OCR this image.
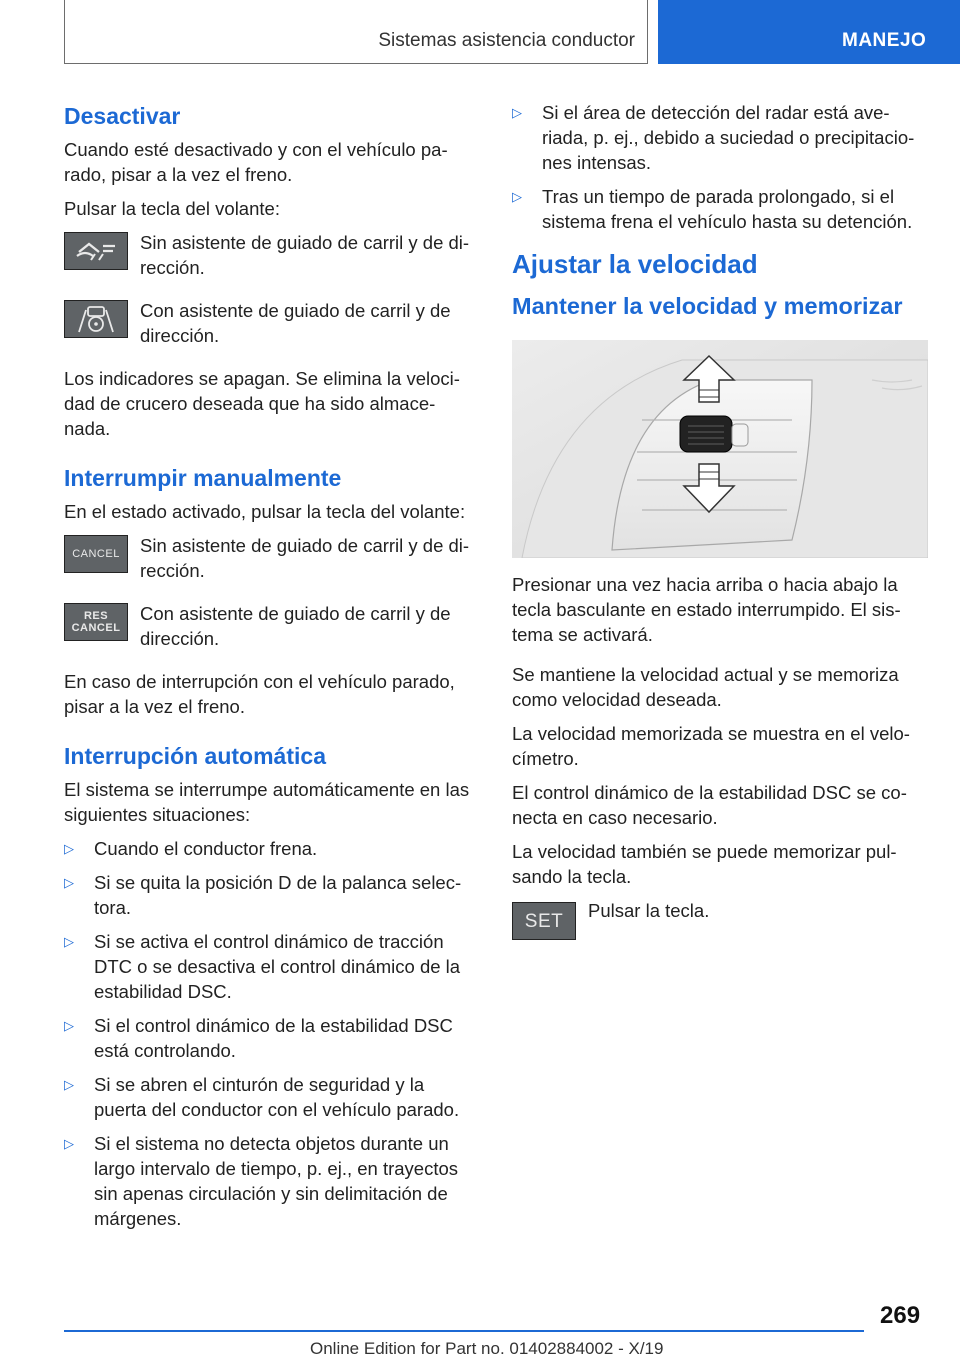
Sistemas asistencia conductor	MANEJO
Desactivar

Cuando esté desactivado y con el vehículo pa-rado, pisar a la vez el freno.

Pulsar la tecla del volante:

Sin asistente de guiado de carril y de di-rección.
Con asistente de guiado de carril y de dirección.

Los indicadores se apagan. Se elimina la veloci-dad de crucero deseada que ha sido almace-nada.

Interrumpir manualmente

En el estado activado, pulsar la tecla del volante:

CANCEL Sin asistente de guiado de carril y de di-rección.
RES
CANCEL
Con asistente de guiado de carril y de dirección.

En caso de interrupción con el vehículo parado, pisar a la vez el freno.

Interrupción automática

El sistema se interrumpe automáticamente en las siguientes situaciones:

▷ Cuando el conductor frena.
▷ Si se quita la posición D de la palanca selec-tora.
▷ Si se activa el control dinámico de tracción DTC o se desactiva el control dinámico de la estabilidad DSC.
▷ Si el control dinámico de la estabilidad DSC está controlando.
▷ Si se abren el cinturón de seguridad y la puerta del conductor con el vehículo parado.
▷ Si el sistema no detecta objetos durante un largo intervalo de tiempo, p. ej., en trayectos sin apenas circulación y sin delimitación de márgenes.
▷ Si el área de detección del radar está ave-riada, p. ej., debido a suciedad o precipitacio-nes intensas.
▷ Tras un tiempo de parada prolongado, si el sistema frena el vehículo hasta su detención.
Ajustar la velocidad
Mantener la velocidad y memorizar

Presionar una vez hacia arriba o hacia abajo la tecla basculante en estado interrumpido. El sis-tema se activará.

Se mantiene la velocidad actual y se memoriza como velocidad deseada.

La velocidad memorizada se muestra en el velo-címetro.

El control dinámico de la estabilidad DSC se co-necta en caso necesario.

La velocidad también se puede memorizar pul-sando la tecla.

SET Pulsar la tecla.
269
Online Edition for Part no. 01402884002 - X/19
